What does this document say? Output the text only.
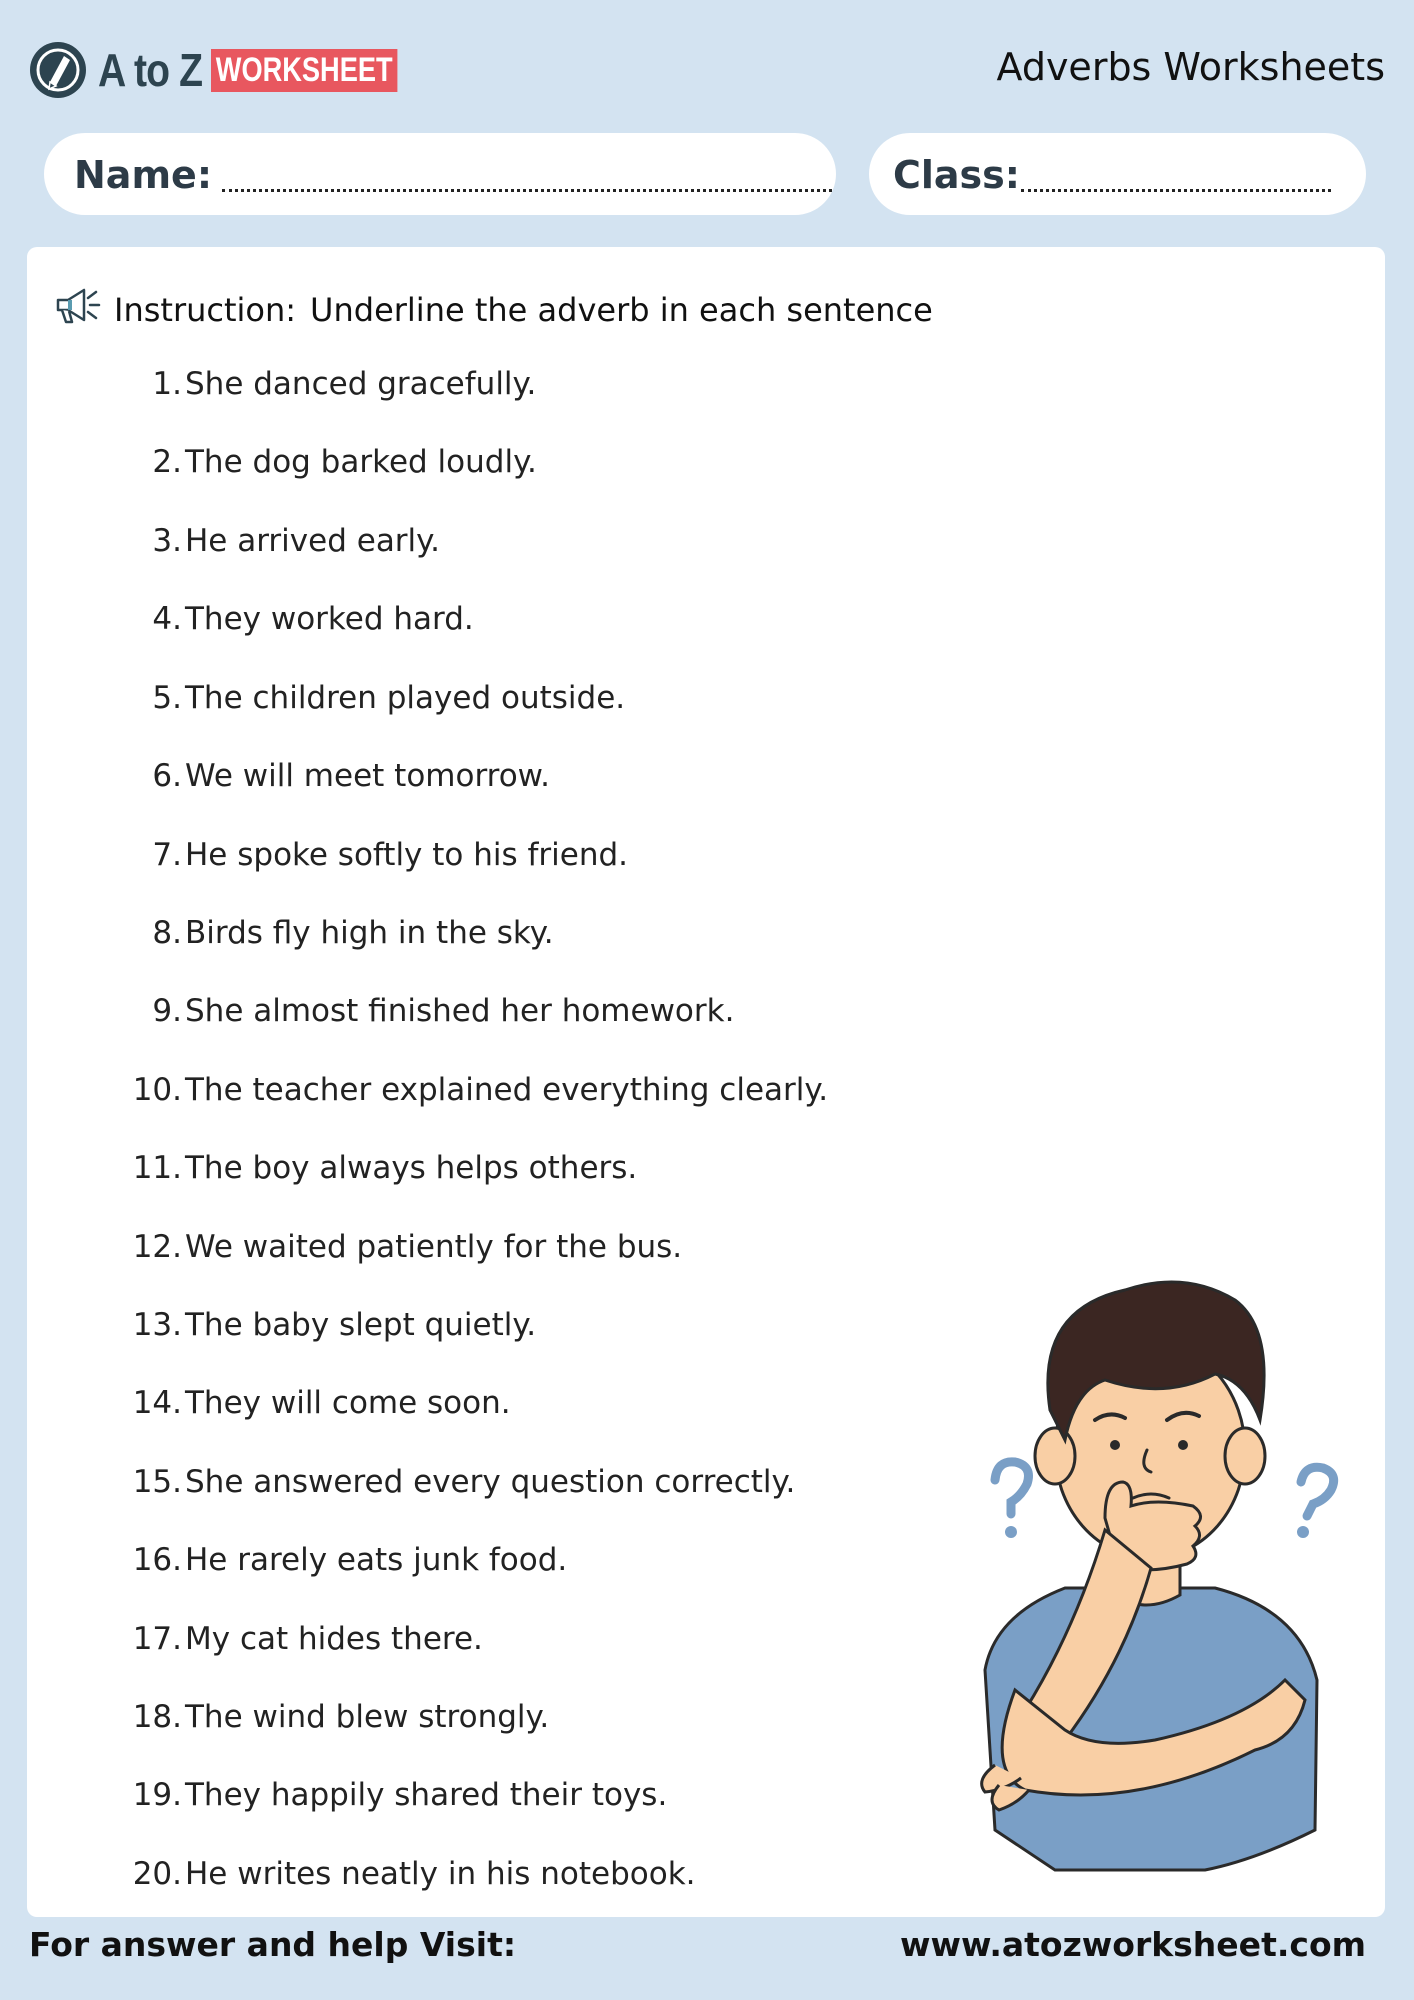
A to Z WORKSHEET	Adverbs Worksheets
Name:	Class:
Instruction: Underline the adverb in each sentence
1. She danced gracefully.
2. The dog barked loudly.
3. He arrived early.
4. They worked hard.
5. The children played outside.
6. We will meet tomorrow.
7. He spoke softly to his friend.
8. Birds fly high in the sky.
9. She almost finished her homework.
10. The teacher explained everything clearly.
11. The boy always helps others.
12. We waited patiently for the bus.
13. The baby slept quietly.
14. They will come soon.
15. She answered every question correctly.
16. He rarely eats junk food.
17. My cat hides there.
18. The wind blew strongly.
19. They happily shared their toys.
20. He writes neatly in his notebook.
For answer and help Visit:	www.atozworksheet.com
